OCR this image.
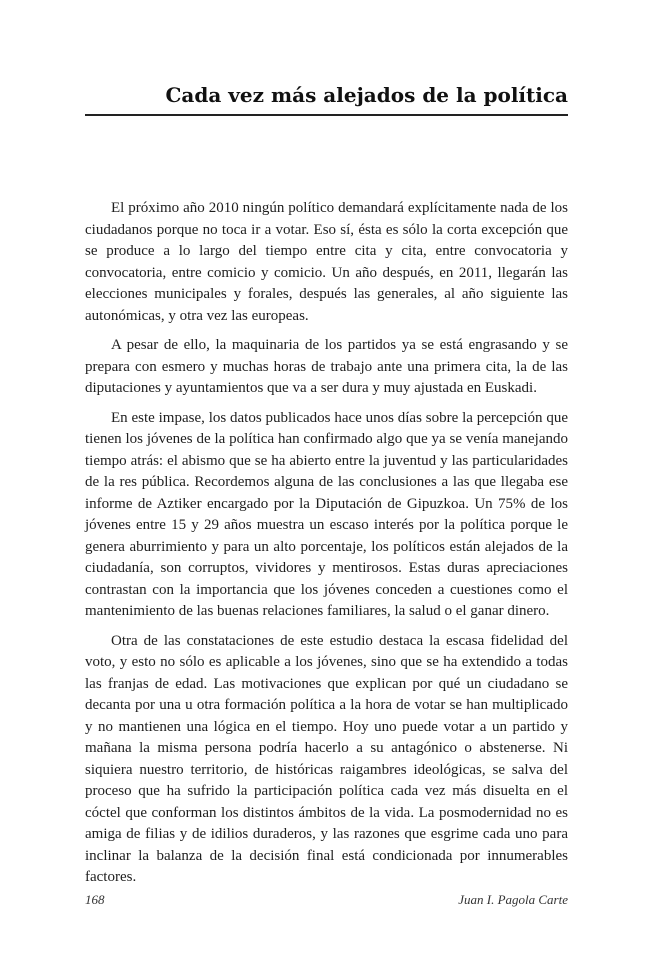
Cada vez más alejados de la política

El próximo año 2010 ningún político demandará explícitamente nada de los ciudadanos porque no toca ir a votar. Eso sí, ésta es sólo la corta excepción que se produce a lo largo del tiempo entre cita y cita, entre convocatoria y convocatoria, entre comicio y comicio. Un año después, en 2011, llegarán las elecciones municipales y forales, después las generales, al año siguiente las autonómicas, y otra vez las europeas.

A pesar de ello, la maquinaria de los partidos ya se está engrasando y se prepara con esmero y muchas horas de trabajo ante una primera cita, la de las diputaciones y ayuntamientos que va a ser dura y muy ajustada en Euskadi.

En este impase, los datos publicados hace unos días sobre la percepción que tienen los jóvenes de la política han confirmado algo que ya se venía manejando tiempo atrás: el abismo que se ha abierto entre la juventud y las particularidades de la res pública. Recordemos alguna de las conclusiones a las que llegaba ese informe de Aztiker encargado por la Diputación de Gipuzkoa. Un 75% de los jóvenes entre 15 y 29 años muestra un escaso interés por la política porque le genera aburrimiento y para un alto porcentaje, los políticos están alejados de la ciudadanía, son corruptos, vividores y mentirosos. Estas duras apreciaciones contrastan con la importancia que los jóvenes conceden a cuestiones como el mantenimiento de las buenas relaciones familiares, la salud o el ganar dinero.

Otra de las constataciones de este estudio destaca la escasa fidelidad del voto, y esto no sólo es aplicable a los jóvenes, sino que se ha extendido a todas las franjas de edad. Las motivaciones que explican por qué un ciudadano se decanta por una u otra formación política a la hora de votar se han multiplicado y no mantienen una lógica en el tiempo. Hoy uno puede votar a un partido y mañana la misma persona podría hacerlo a su antagónico o abstenerse. Ni siquiera nuestro territorio, de históricas raigambres ideológicas, se salva del proceso que ha sufrido la participación política cada vez más disuelta en el cóctel que conforman los distintos ámbitos de la vida. La posmodernidad no es amiga de filias y de idilios duraderos, y las razones que esgrime cada uno para inclinar la balanza de la decisión final está condicionada por innumerables factores.

168	Juan I. Pagola Carte
